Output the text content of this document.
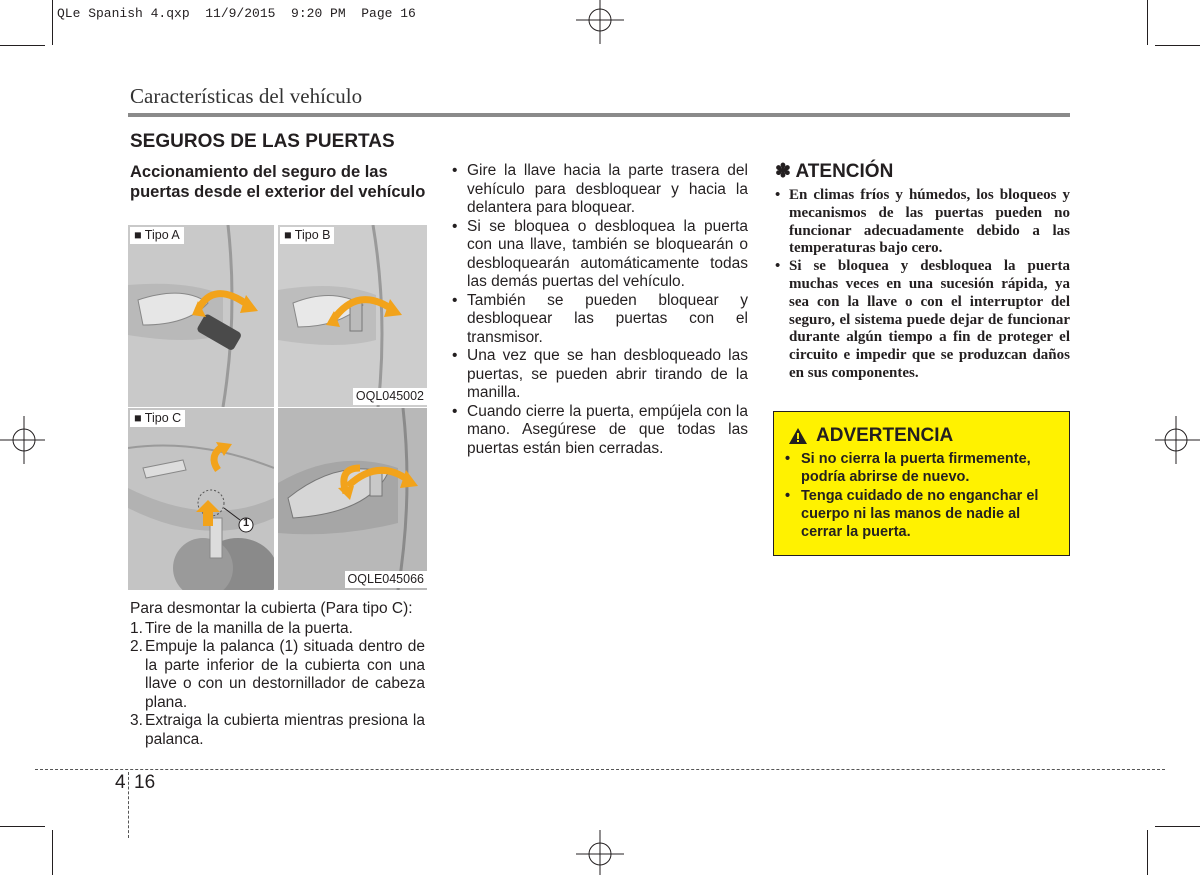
QLe Spanish 4.qxp  11/9/2015  9:20 PM  Page 16
Características del vehículo
SEGUROS DE LAS PUERTAS
Accionamiento del seguro de las puertas desde el exterior del vehículo
■ Tipo A	■ Tipo B
OQL045002
■ Tipo C
1
OQLE045066
Para desmontar la cubierta (Para tipo C):
1. Tire de la manilla de la puerta.
2. Empuje la palanca (1) situada dentro de la parte inferior de la cubierta con una llave o con un destornillador de cabeza plana.
3. Extraiga la cubierta mientras presiona la palanca.
• Gire la llave hacia la parte trasera del vehículo para desbloquear y hacia la delantera para bloquear.
• Si se bloquea o desbloquea la puerta con una llave, también se bloquearán o desbloquearán automáticamente todas las demás puertas del vehículo.
• También se pueden bloquear y desbloquear las puertas con el transmisor.
• Una vez que se han desbloqueado las puertas, se pueden abrir tirando de la manilla.
• Cuando cierre la puerta, empújela con la mano. Asegúrese de que todas las puertas están bien cerradas.
✽ ATENCIÓN
• En climas fríos y húmedos, los bloqueos y mecanismos de las puertas pueden no funcionar adecuadamente debido a las temperaturas bajo cero.
• Si se bloquea y desbloquea la puerta muchas veces en una sucesión rápida, ya sea con la llave o con el interruptor del seguro, el sistema puede dejar de funcionar durante algún tiempo a fin de proteger el circuito e impedir que se produzcan daños en sus componentes.
ADVERTENCIA
• Si no cierra la puerta firmemente, podría abrirse de nuevo.
• Tenga cuidado de no enganchar el cuerpo ni las manos de nadie al cerrar la puerta.
4 16
